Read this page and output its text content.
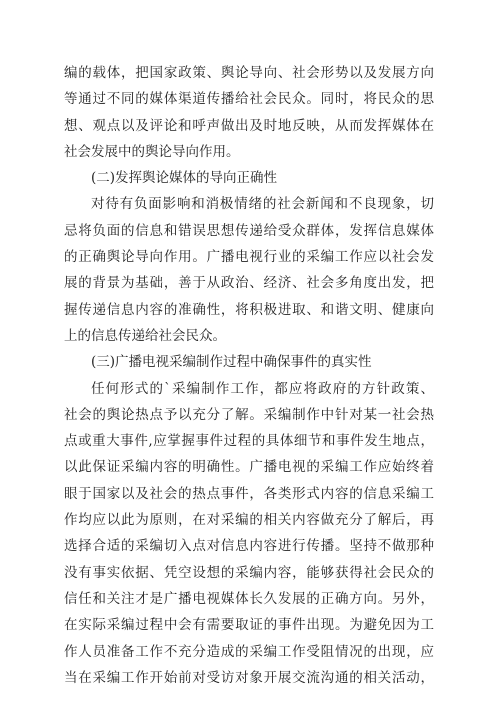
编的载体，把国家政策、舆论导向、社会形势以及发展方向
等通过不同的媒体渠道传播给社会民众。同时，将民众的思
想、观点以及评论和呼声做出及时地反映，从而发挥媒体在
社会发展中的舆论导向作用。
(二)发挥舆论媒体的导向正确性
对待有负面影响和消极情绪的社会新闻和不良现象，切
忌将负面的信息和错误思想传递给受众群体，发挥信息媒体
的正确舆论导向作用。广播电视行业的采编工作应以社会发
展的背景为基础，善于从政治、经济、社会多角度出发，把
握传递信息内容的准确性，将积极进取、和谐文明、健康向
上的信息传递给社会民众。
(三)广播电视采编制作过程中确保事件的真实性
任何形式的`采编制作工作，都应将政府的方针政策、
社会的舆论热点予以充分了解。采编制作中针对某一社会热
点或重大事件,应掌握事件过程的具体细节和事件发生地点，
以此保证采编内容的明确性。广播电视的采编工作应始终着
眼于国家以及社会的热点事件，各类形式内容的信息采编工
作均应以此为原则，在对采编的相关内容做充分了解后，再
选择合适的采编切入点对信息内容进行传播。坚持不做那种
没有事实依据、凭空设想的采编内容，能够获得社会民众的
信任和关注才是广播电视媒体长久发展的正确方向。另外，
在实际采编过程中会有需要取证的事件出现。为避免因为工
作人员准备工作不充分造成的采编工作受阻情况的出现，应
当在采编工作开始前对受访对象开展交流沟通的相关活动，
